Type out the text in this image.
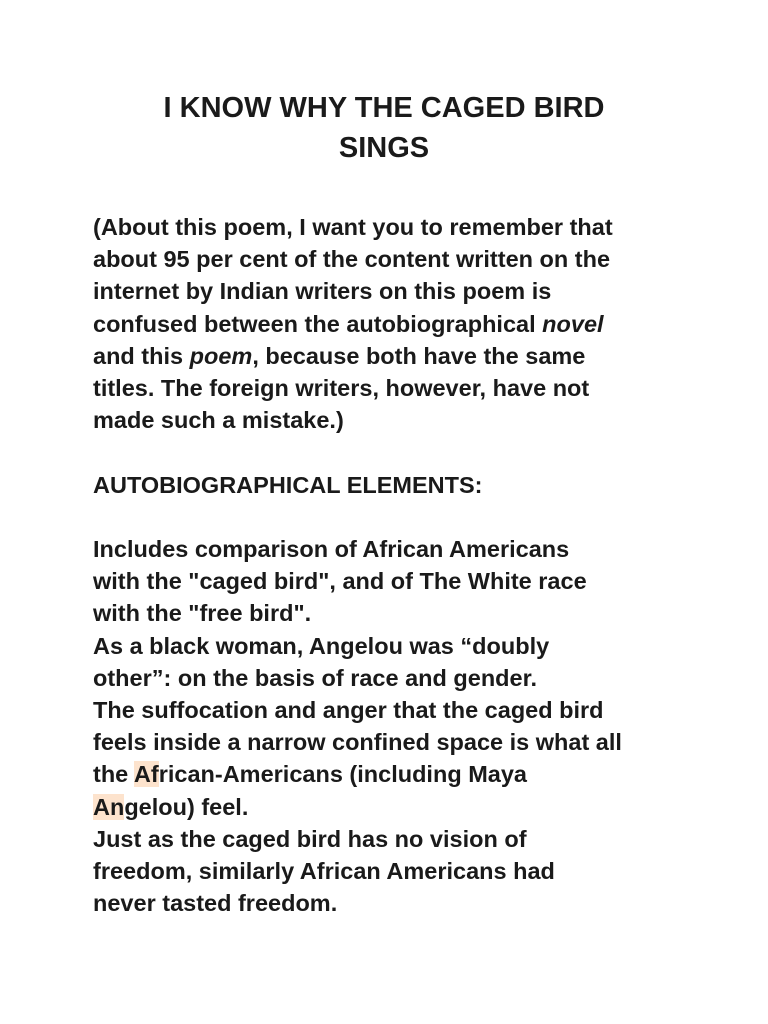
I KNOW WHY THE CAGED BIRD
SINGS

(About this poem, I want you to remember that
about 95 per cent of the content written on the
internet by Indian writers on this poem is
confused between the autobiographical novel
and this poem, because both have the same
titles. The foreign writers, however, have not
made such a mistake.)

AUTOBIOGRAPHICAL ELEMENTS:

Includes comparison of African Americans
with the "caged bird", and of The White race
with the "free bird".
As a black woman, Angelou was “doubly
other”: on the basis of race and gender.
The suffocation and anger that the caged bird
feels inside a narrow confined space is what all
the African-Americans (including Maya
Angelou) feel.
Just as the caged bird has no vision of
freedom, similarly African Americans had
never tasted freedom.
